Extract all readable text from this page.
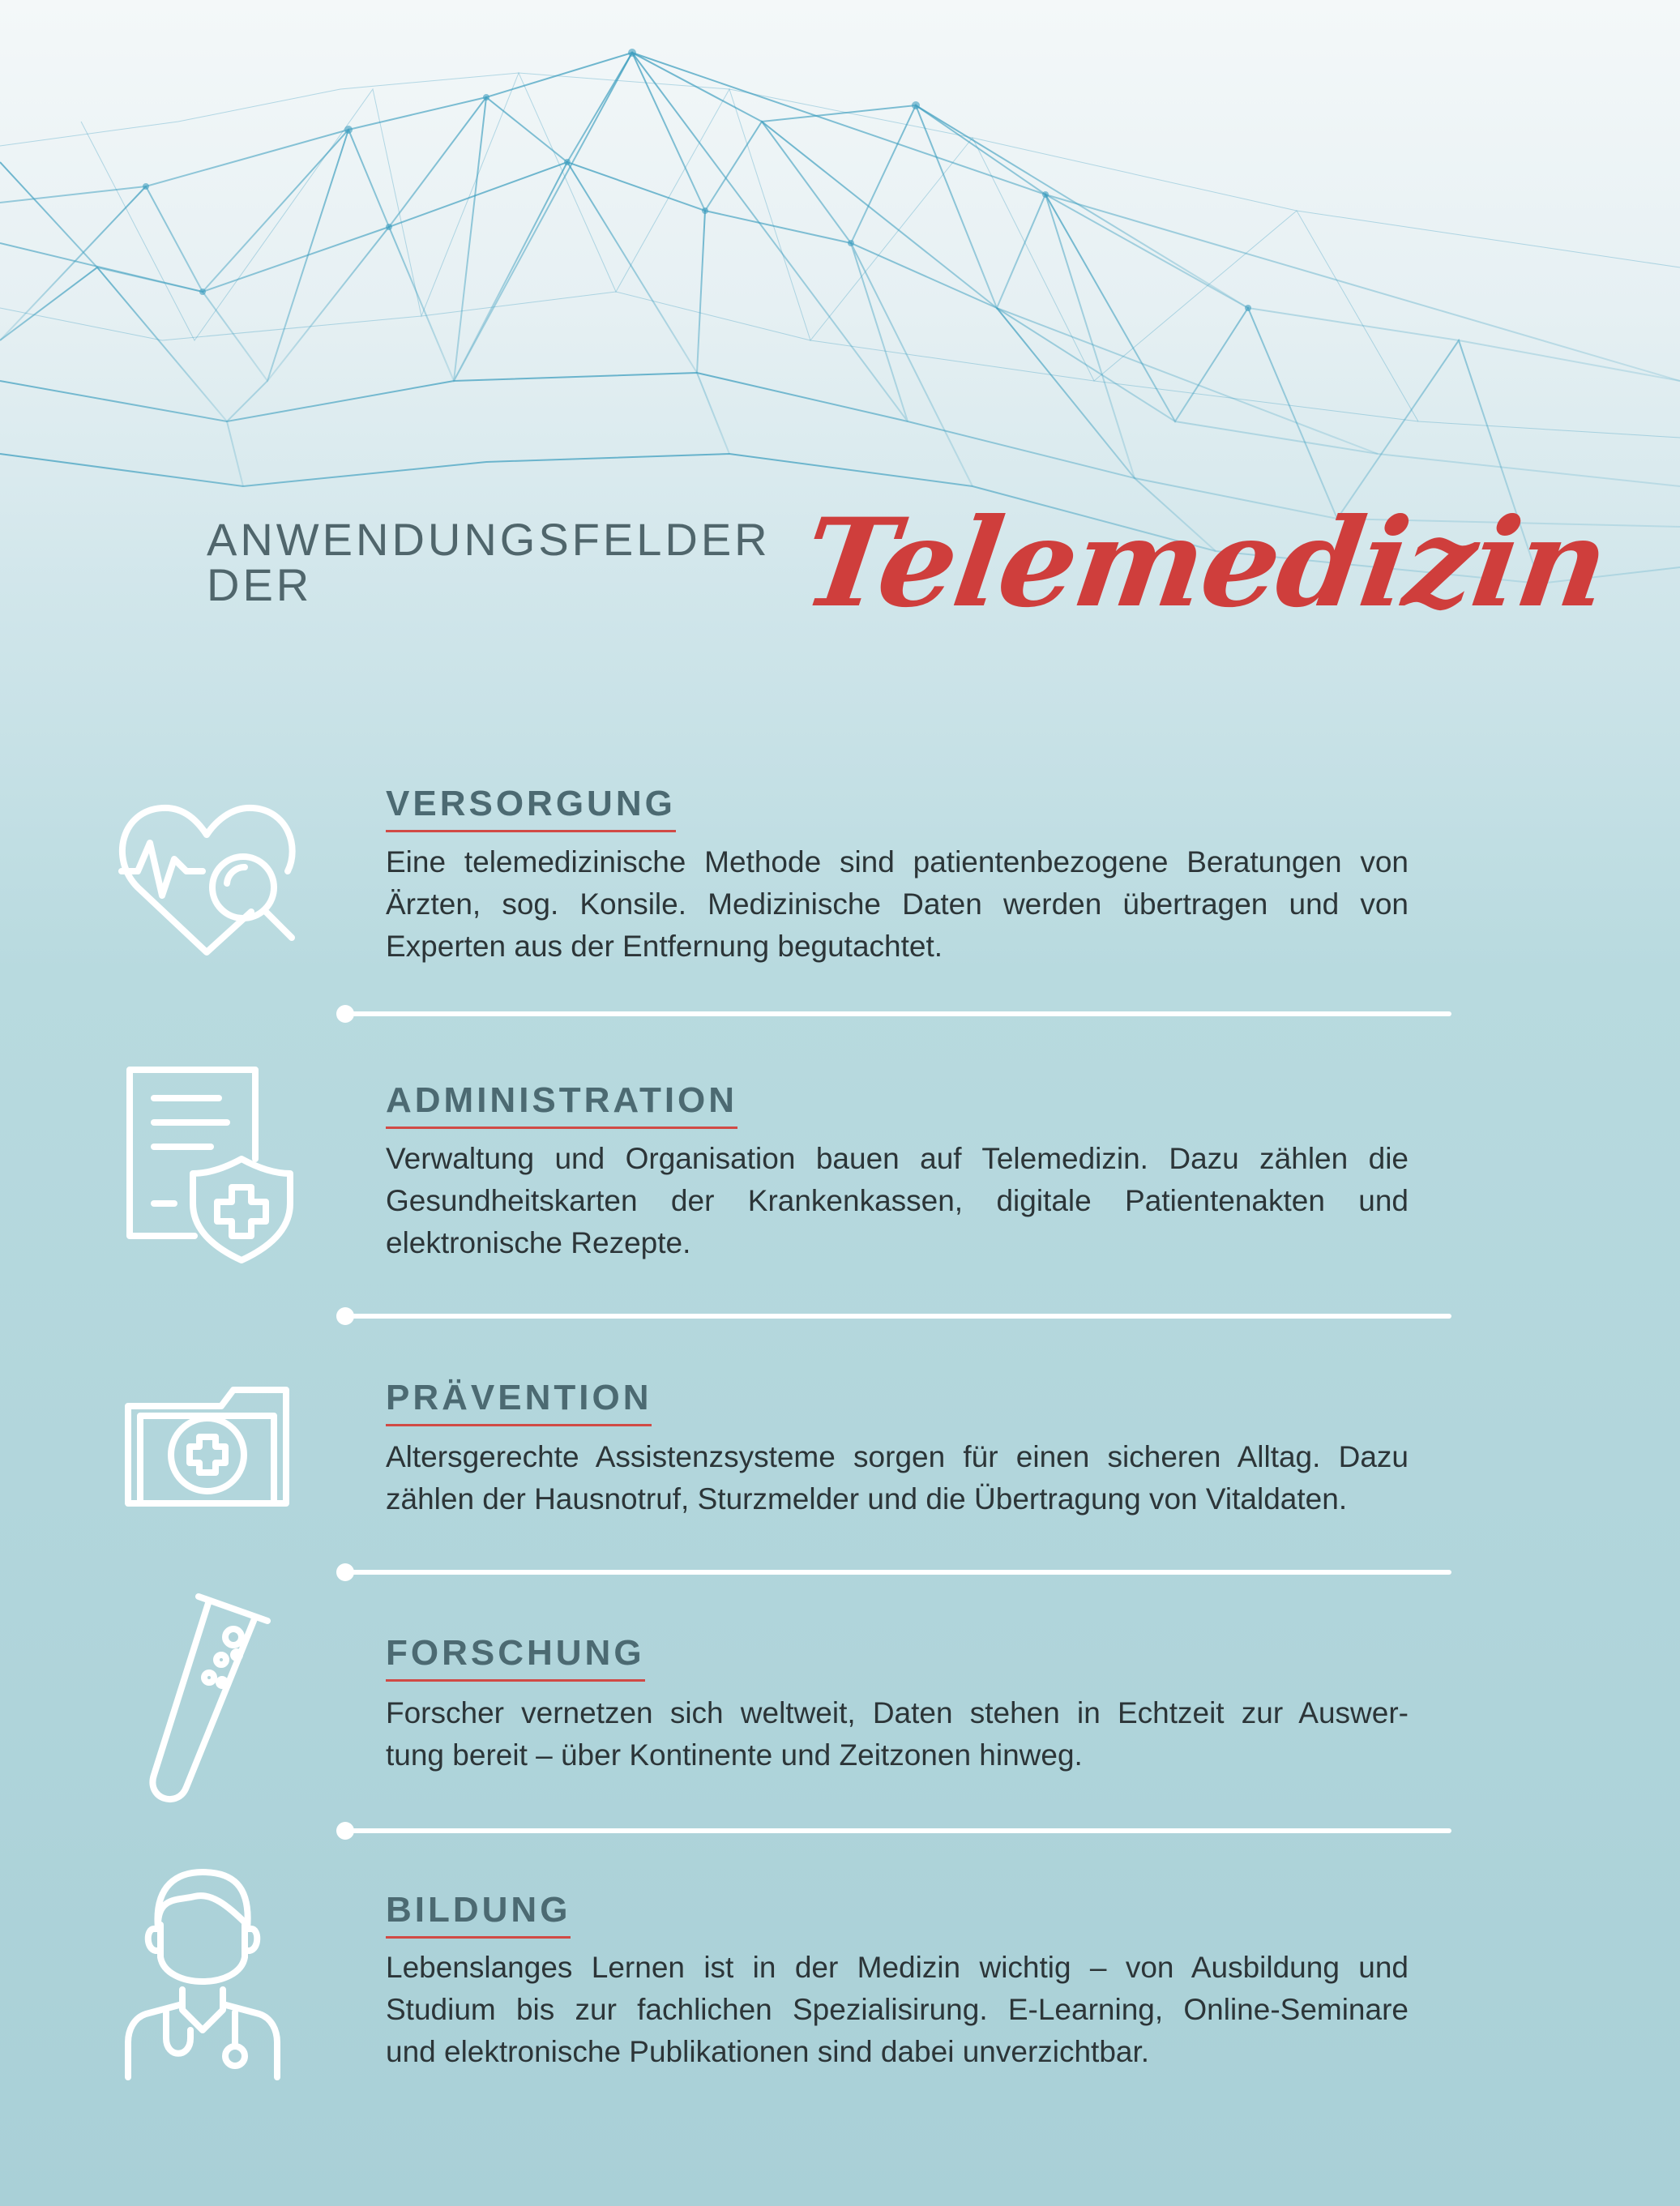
ANWENDUNGSFELDER DER	Telemedizin
VERSORGUNG
Eine telemedizinische Methode sind patientenbezogene Beratungen von
Ärzten, sog. Konsile. Medizinische Daten werden übertragen und von
Experten aus der Entfernung begutachtet.
ADMINISTRATION
Verwaltung und Organisation bauen auf Telemedizin. Dazu zählen die
Gesundheitskarten der Krankenkassen, digitale Patientenakten und
elektronische Rezepte.
PRÄVENTION
Altersgerechte Assistenzsysteme sorgen für einen sicheren Alltag. Dazu
zählen der Hausnotruf, Sturzmelder und die Übertragung von Vitaldaten.
FORSCHUNG
Forscher vernetzen sich weltweit, Daten stehen in Echtzeit zur Auswer-
tung bereit – über Kontinente und Zeitzonen hinweg.
BILDUNG
Lebenslanges Lernen ist in der Medizin wichtig – von Ausbildung und
Studium bis zur fachlichen Spezialisirung. E-Learning, Online-Seminare
und elektronische Publikationen sind dabei unverzichtbar.
